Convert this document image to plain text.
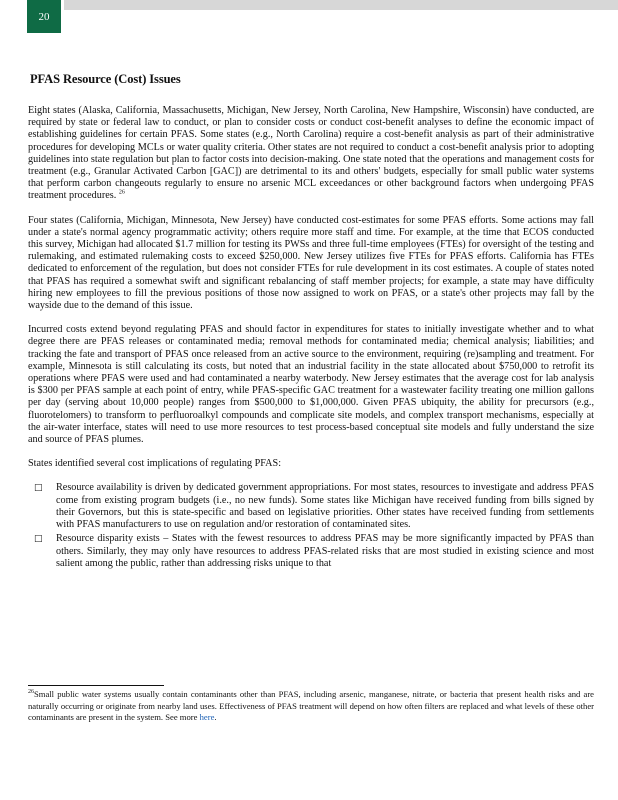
20
PFAS Resource (Cost) Issues

Eight states (Alaska, California, Massachusetts, Michigan, New Jersey, North Carolina, New Hampshire, Wisconsin) have conducted, are required by state or federal law to conduct, or plan to consider costs or conduct cost-benefit analyses to define the economic impact of establishing guidelines for certain PFAS. Some states (e.g., North Carolina) require a cost-benefit analysis as part of their administrative procedures for developing MCLs or water quality criteria. Other states are not required to conduct a cost-benefit analysis prior to adopting guidelines into state regulation but plan to factor costs into decision-making. One state noted that the operations and management costs for treatment (e.g., Granular Activated Carbon [GAC]) are detrimental to its and others' budgets, especially for small public water systems that perform carbon changeouts regularly to ensure no arsenic MCL exceedances or other background factors when undergoing PFAS treatment procedures. $^{26}$

Four states (California, Michigan, Minnesota, New Jersey) have conducted cost-estimates for some PFAS efforts. Some actions may fall under a state's normal agency programmatic activity; others require more staff and time. For example, at the time that ECOS conducted this survey, Michigan had allocated $1.7 million for testing its PWSs and three full-time employees (FTEs) for oversight of the testing and rulemaking, and estimated rulemaking costs to exceed $250,000. New Jersey utilizes five FTEs for PFAS efforts. California has FTEs dedicated to enforcement of the regulation, but does not consider FTEs for rule development in its cost estimates. A couple of states noted that PFAS has required a somewhat swift and significant rebalancing of staff member projects; for example, a state may have difficulty hiring new employees to fill the previous positions of those now assigned to work on PFAS, or a state's other projects may fall by the wayside due to the demand of this issue.

Incurred costs extend beyond regulating PFAS and should factor in expenditures for states to initially investigate whether and to what degree there are PFAS releases or contaminated media; removal methods for contaminated media; chemical analysis; liabilities; and tracking the fate and transport of PFAS once released from an active source to the environment, requiring (re)sampling and treatment. For example, Minnesota is still calculating its costs, but noted that an industrial facility in the state allocated about $750,000 to retrofit its operations where PFAS were used and had contaminated a nearby waterbody. New Jersey estimates that the average cost for lab analysis is $300 per PFAS sample at each point of entry, while PFAS-specific GAC treatment for a wastewater facility treating one million gallons per day (serving about 10,000 people) ranges from $500,000 to $1,000,000. Given PFAS ubiquity, the ability for precursors (e.g., fluorotelomers) to transform to perfluoroalkyl compounds and complicate site models, and complex transport mechanisms, especially at the air-water interface, states will need to use more resources to test process-based conceptual site models and fully understand the size and source of PFAS plumes.

States identified several cost implications of regulating PFAS:

□ Resource availability is driven by dedicated government appropriations. For most states, resources to investigate and address PFAS come from existing program budgets (i.e., no new funds). Some states like Michigan have received funding from bills signed by their Governors, but this is state-specific and based on legislative priorities. Other states have received funding from settlements with PFAS manufacturers to use on regulation and/or restoration of contaminated sites.
□ Resource disparity exists – States with the fewest resources to address PFAS may be more significantly impacted by PFAS than others. Similarly, they may only have resources to address PFAS-related risks that are most studied in existing science and most salient among the public, rather than addressing risks unique to that
$^{26}$Small public water systems usually contain contaminants other than PFAS, including arsenic, manganese, nitrate, or bacteria that present health risks and are naturally occurring or originate from nearby land uses. Effectiveness of PFAS treatment will depend on how often filters are replaced and what levels of these other contaminants are present in the system. See more here.
